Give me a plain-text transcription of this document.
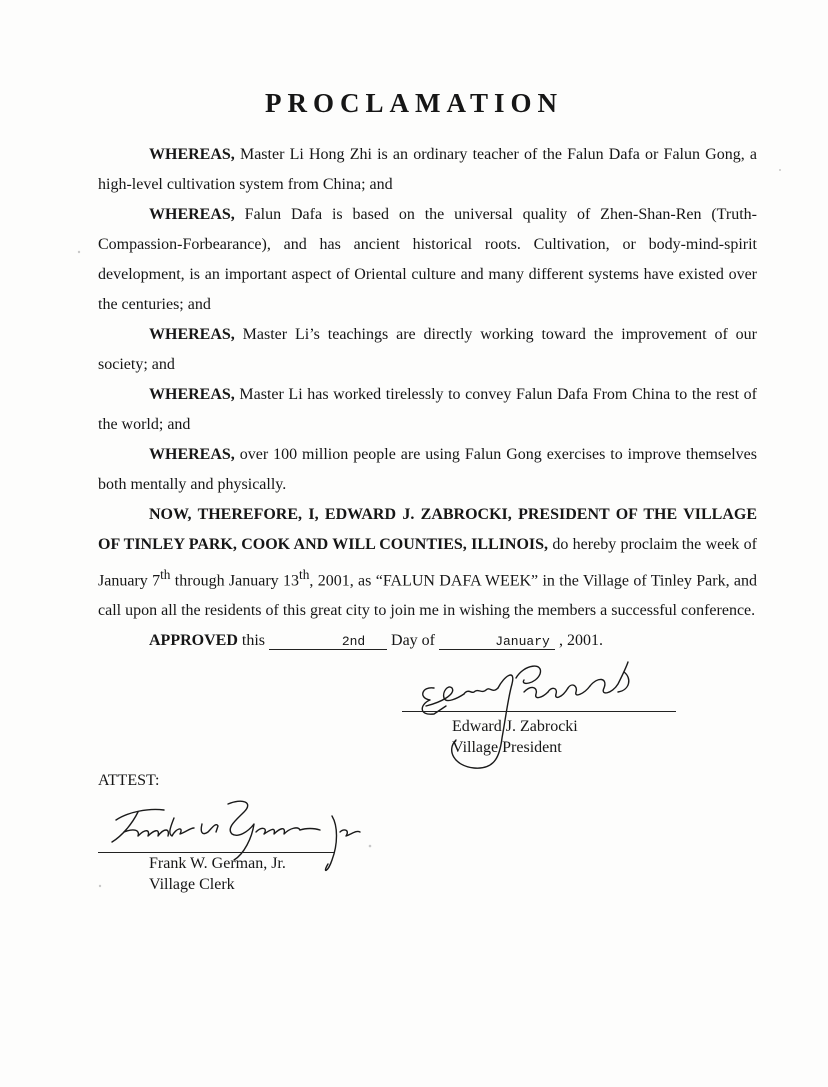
PROCLAMATION

WHEREAS, Master Li Hong Zhi is an ordinary teacher of the Falun Dafa or Falun Gong, a high-level cultivation system from China; and

WHEREAS, Falun Dafa is based on the universal quality of Zhen-Shan-Ren (Truth-Compassion-Forbearance), and has ancient historical roots. Cultivation, or body-mind-spirit development, is an important aspect of Oriental culture and many different systems have existed over the centuries; and

WHEREAS, Master Li’s teachings are directly working toward the improvement of our society; and

WHEREAS, Master Li has worked tirelessly to convey Falun Dafa From China to the rest of the world; and

WHEREAS, over 100 million people are using Falun Gong exercises to improve themselves both mentally and physically.

NOW, THEREFORE, I, EDWARD J. ZABROCKI, PRESIDENT OF THE VILLAGE OF TINLEY PARK, COOK AND WILL COUNTIES, ILLINOIS, do hereby proclaim the week of January 7th through January 13th, 2001, as “FALUN DAFA WEEK” in the Village of Tinley Park, and call upon all the residents of this great city to join me in wishing the members a successful conference.

APPROVED this	2nd Day of	January , 2001.

Edward J. Zabrocki
Village President
ATTEST:
Frank W. German, Jr.
Village Clerk
